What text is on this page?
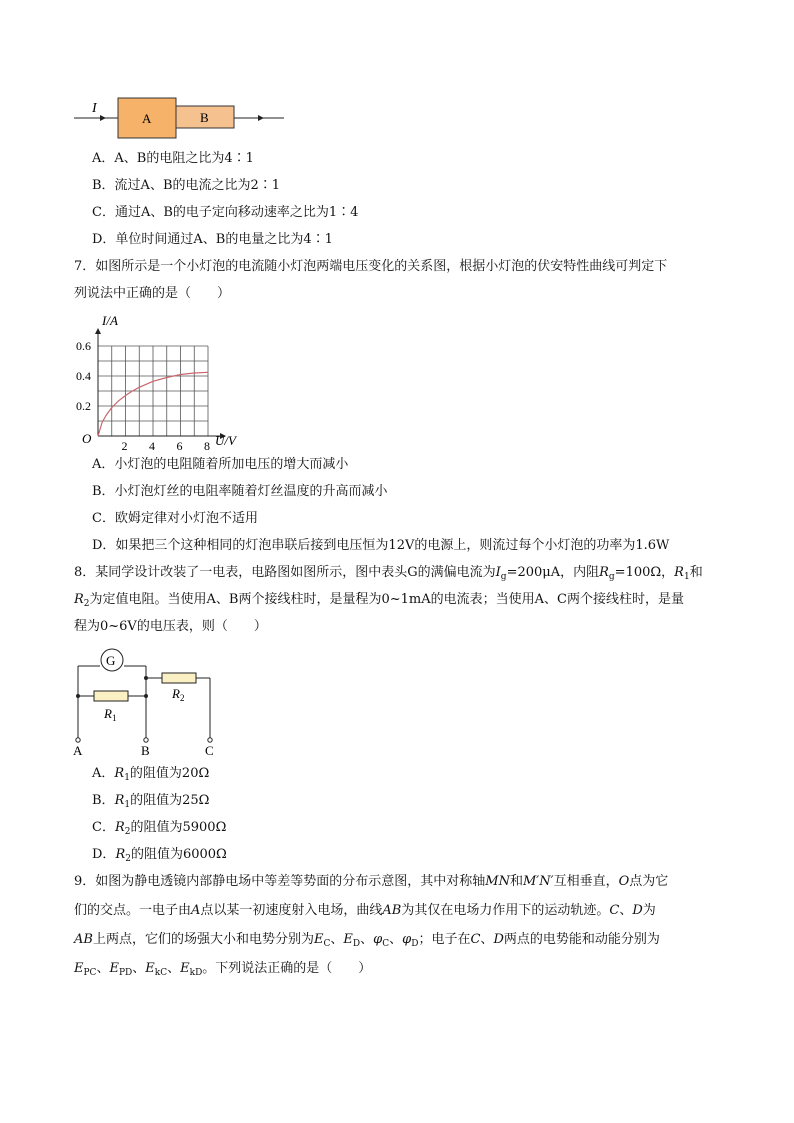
I
A	B
A．A、B的电阻之比为4∶1
B．流过A、B的电流之比为2∶1
C．通过A、B的电子定向移动速率之比为1∶4
D．单位时间通过A、B的电量之比为4∶1
7．如图所示是一个小灯泡的电流随小灯泡两端电压变化的关系图，根据小灯泡的伏安特性曲线可判定下
列说法中正确的是（　　）
2 4 6 8
0.2
0.4
0.6
I/A
U/V
O
A．小灯泡的电阻随着所加电压的增大而减小
B．小灯泡灯丝的电阻率随着灯丝温度的升高而减小
C．欧姆定律对小灯泡不适用
D．如果把三个这种相同的灯泡串联后接到电压恒为12V的电源上，则流过每个小灯泡的功率为1.6W
8．某同学设计改装了一电表，电路图如图所示，图中表头G的满偏电流为$I_g=200\mu A$，内阻$R_g=100\Omega$，$R_1$和
$R_2$为定值电阻。当使用A、B两个接线柱时，是量程为0~1mA的电流表；当使用A、C两个接线柱时，是量
程为0~6V的电压表，则（　　）
G
$R_1$
$R_2$
A	B	C
A．$R_1$的阻值为20Ω
B．$R_1$的阻值为25Ω
C．$R_2$的阻值为5900Ω
D．$R_2$的阻值为6000Ω
9．如图为静电透镜内部静电场中等差等势面的分布示意图，其中对称轴MN和M′N′互相垂直，O点为它
们的交点。一电子由A点以某一初速度射入电场，曲线AB为其仅在电场力作用下的运动轨迹。C、D为
AB上两点，它们的场强大小和电势分别为$E_C$、$E_D$、$\varphi_C$、$\varphi_D$；电子在C、D两点的电势能和动能分别为
$E_{PC}$、$E_{PD}$、$E_{kC}$、$E_{kD}$。下列说法正确的是（　　）
